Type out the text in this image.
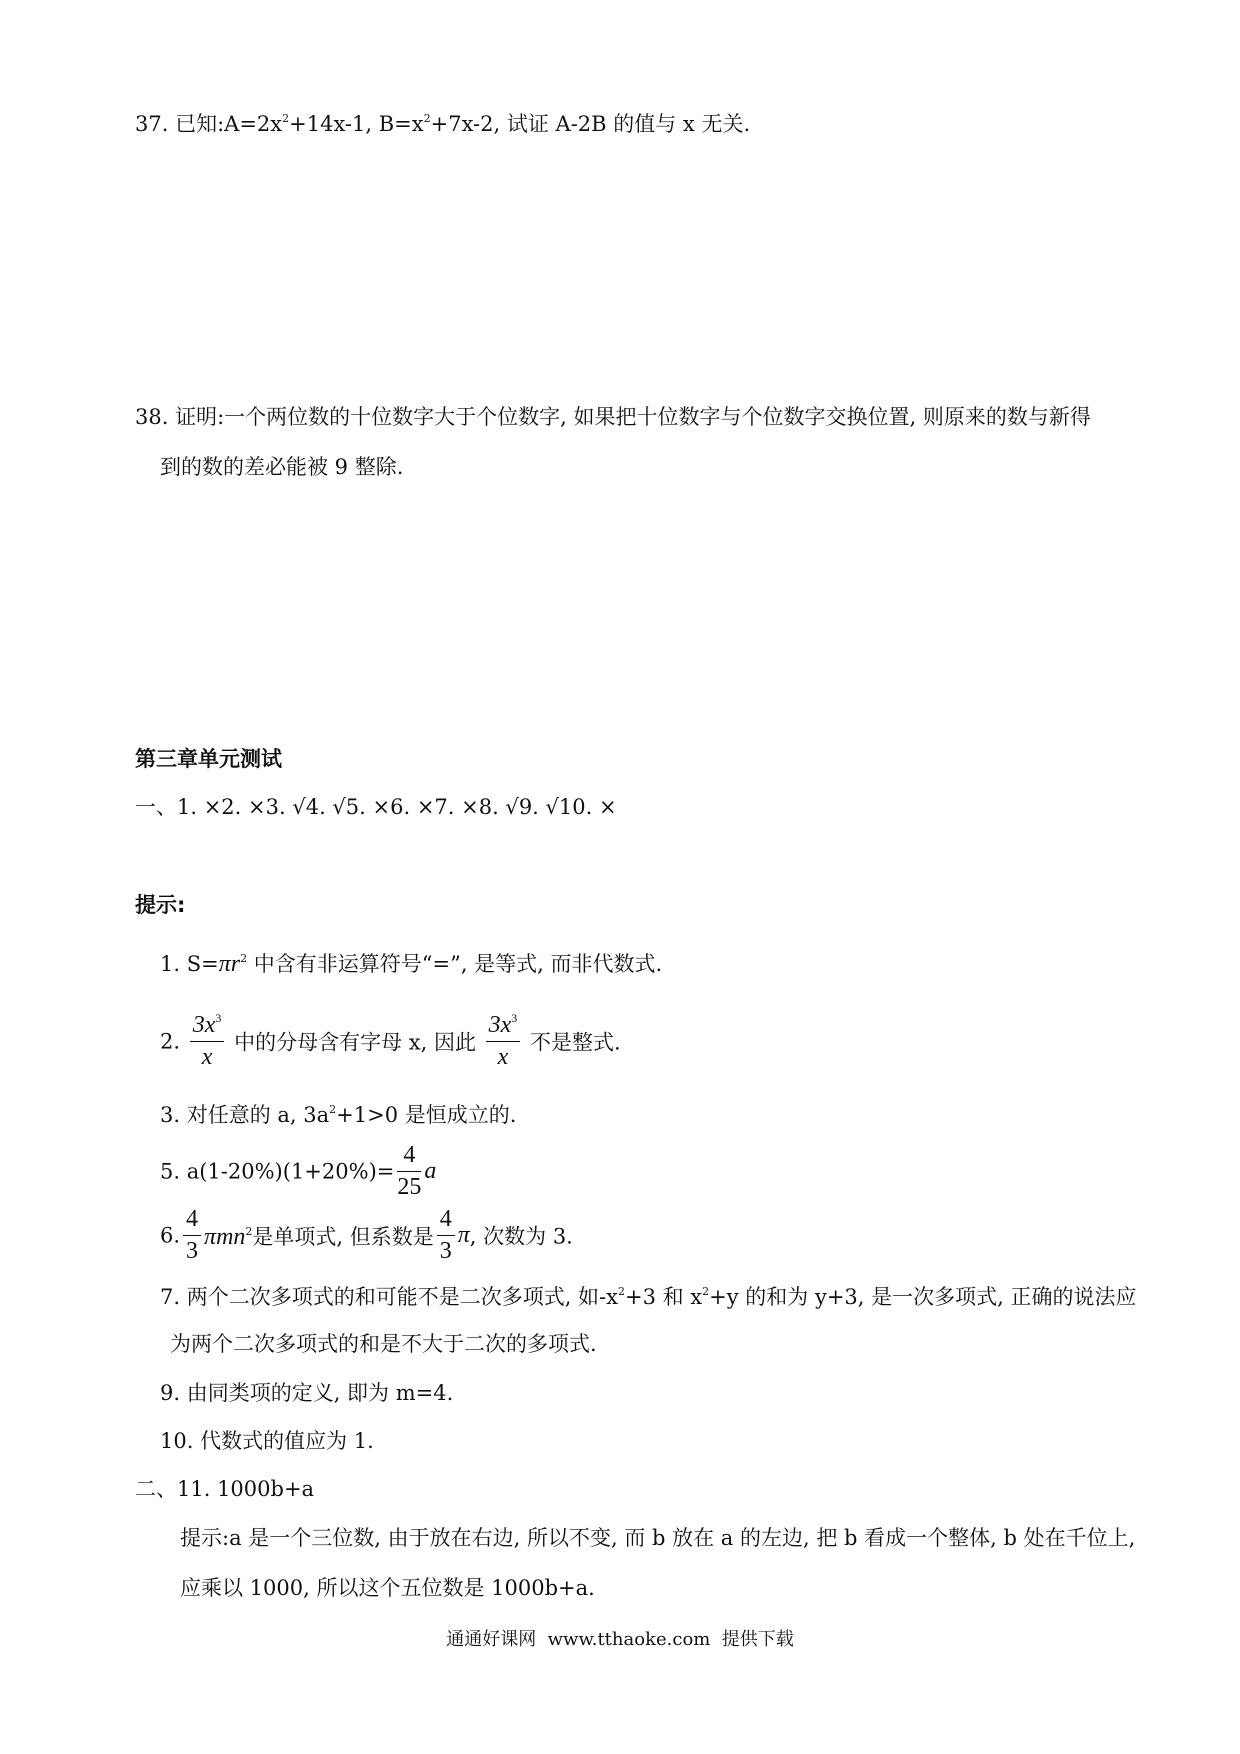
37. 已知$:A=2x^2+14x-1$, $B=x^2+7x-2$, 试证 A-2B 的值与 x 无关.
38. 证明:一个两位数的十位数字大于个位数字, 如果把十位数字与个位数字交换位置, 则原来的数与新得
到的数的差必能被 9 整除.
第三章单元测试
一、1. ×2. ×3. √4. √5. ×6. ×7. ×8. √9. √10. ×
提示:
1. $S=\pi r^2$ 中含有非运算符号“=”, 是等式, 而非代数式.
2. $\frac{3x^3}{x}$ 中的分母含有字母 x, 因此 $\frac{3x^3}{x}$ 不是整式.
3. 对任意的 a, $3a^2+1>0$ 是恒成立的.
5. $a(1-20\%)(1+20\%)= \frac{4}{25}$ a
6. $\frac{4}{3} \pi mn^2$是单项式, 但系数是 $\frac{4}{3} \pi$, 次数为 3.
7. 两个二次多项式的和可能不是二次多项式, 如$-x^2+3$ 和 $x^2+y$ 的和为 y+3, 是一次多项式, 正确的说法应
为两个二次多项式的和是不大于二次的多项式.
9. 由同类项的定义, 即为 m=4.
10. 代数式的值应为 1.
二、11. 1000b+a
提示:a 是一个三位数, 由于放在右边, 所以不变, 而 b 放在 a 的左边, 把 b 看成一个整体, b 处在千位上,
应乘以 1000, 所以这个五位数是 1000b+a.
通通好课网  www.tthaoke.com  提供下载
